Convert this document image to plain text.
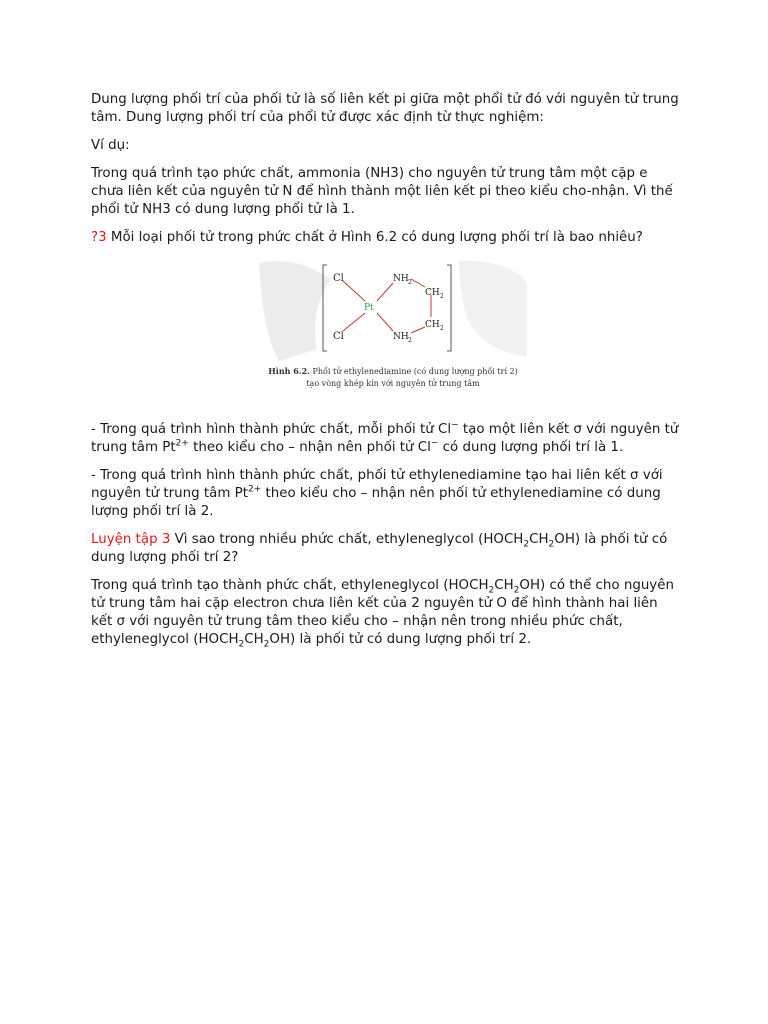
Dung lượng phối trí của phối tử là số liên kết pi giữa một phổi tử đó với nguyên tử trung tâm. Dung lượng phối trí của phổi tử được xác định từ thực nghiệm:

Ví dụ:

Trong quá trình tạo phức chất, ammonia (NH3) cho nguyên tử trung tâm một cặp e chưa liên kết của nguyên tử N để hình thành một liên kết pi theo kiểu cho-nhận. Vì thế phổi tử NH3 có dung lượng phổi tử là 1.

?3 Mỗi loại phối tử trong phức chất ở Hình 6.2 có dung lượng phối trí là bao nhiêu?

Cl
Cl
Pt
NH 2
NH 2
CH 2
CH 2
Hình 6.2. Phối tử ethylenediamine (có dung lượng phối trí 2)
tạo vòng khép kín với nguyên tử trung tâm

- Trong quá trình hình thành phức chất, mỗi phối tử Cl− tạo một liên kết σ với nguyên tử trung tâm $Pt^{2+}$ theo kiểu cho – nhận nên phối tử Cl− có dung lượng phối trí là 1.

- Trong quá trình hình thành phức chất, phối tử ethylenediamine tạo hai liên kết σ với nguyên tử trung tâm $Pt^{2+}$ theo kiểu cho – nhận nên phối tử ethylenediamine có dung lượng phối trí là 2.

Luyện tập 3 Vì sao trong nhiều phức chất, ethyleneglycol $(HOCH_2CH_2OH)$ là phối tử có dung lượng phối trí 2?

Trong quá trình tạo thành phức chất, ethyleneglycol $(HOCH_2CH_2OH)$ có thể cho nguyên tử trung tâm hai cặp electron chưa liên kết của 2 nguyên tử O để hình thành hai liên kết σ với nguyên tử trung tâm theo kiểu cho – nhận nên trong nhiều phức chất, ethyleneglycol $(HOCH_2CH_2OH)$ là phối tử có dung lượng phối trí 2.
